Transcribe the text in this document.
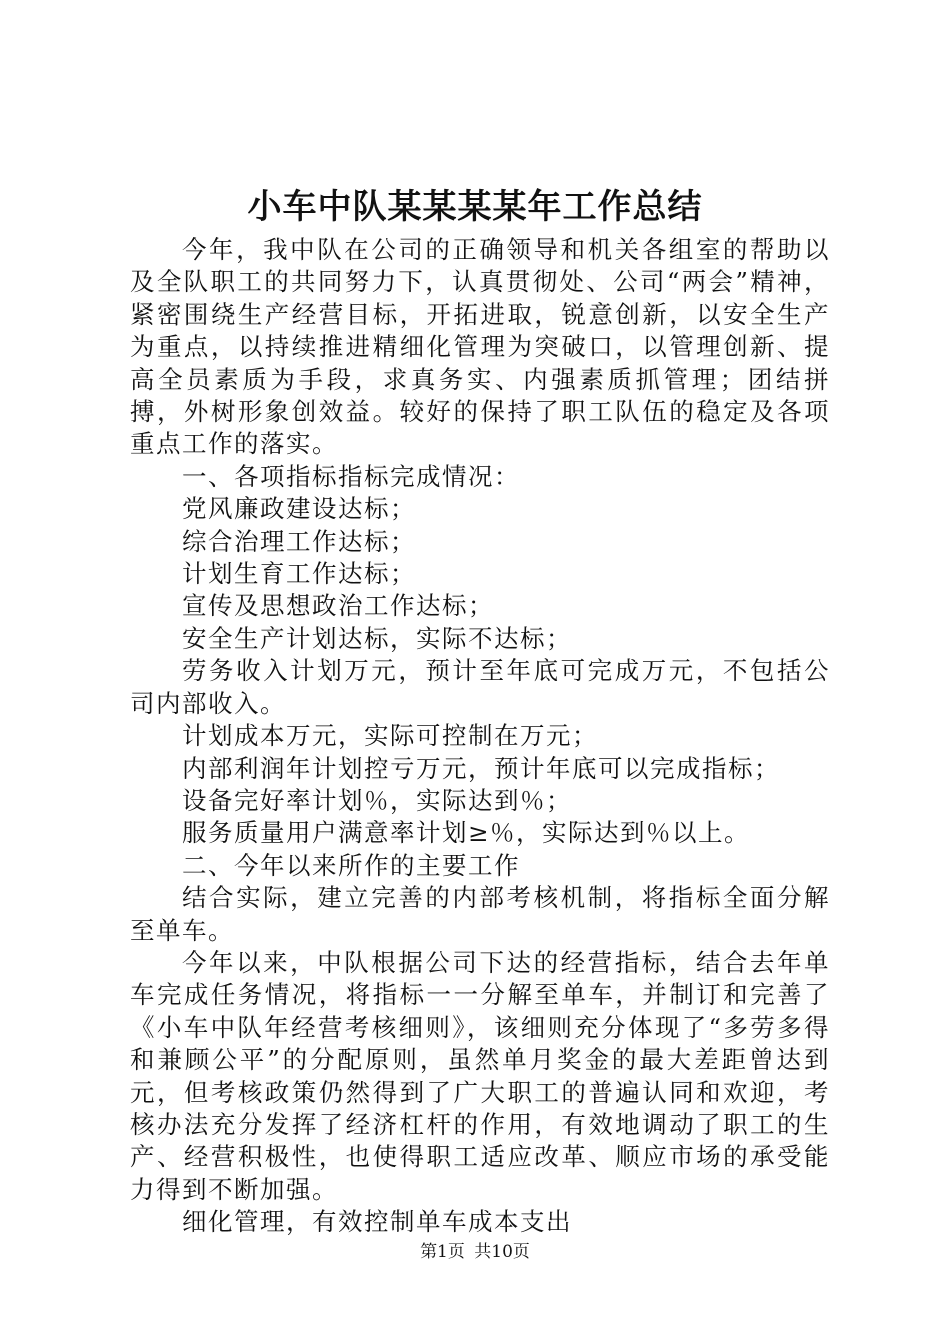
小车中队某某某某年工作总结

今年，我中队在公司的正确领导和机关各组室的帮助以及全队职工的共同努力下，认真贯彻处、公司“两会”精神，紧密围绕生产经营目标，开拓进取，锐意创新，以安全生产为重点，以持续推进精细化管理为突破口，以管理创新、提高全员素质为手段，求真务实、内强素质抓管理；团结拼搏，外树形象创效益。较好的保持了职工队伍的稳定及各项重点工作的落实。

一、各项指标指标完成情况：

党风廉政建设达标；

综合治理工作达标；

计划生育工作达标；

宣传及思想政治工作达标；

安全生产计划达标，实际不达标；

劳务收入计划万元，预计至年底可完成万元，不包括公司内部收入。

计划成本万元，实际可控制在万元；

内部利润年计划控亏万元，预计年底可以完成指标；

设备完好率计划％，实际达到％；

服务质量用户满意率计划≥％，实际达到％以上。

二、今年以来所作的主要工作

结合实际，建立完善的内部考核机制，将指标全面分解至单车。

今年以来，中队根据公司下达的经营指标，结合去年单车完成任务情况，将指标一一分解至单车，并制订和完善了《小车中队年经营考核细则》，该细则充分体现了“多劳多得和兼顾公平”的分配原则，虽然单月奖金的最大差距曾达到元，但考核政策仍然得到了广大职工的普遍认同和欢迎，考核办法充分发挥了经济杠杆的作用，有效地调动了职工的生产、经营积极性，也使得职工适应改革、顺应市场的承受能力得到不断加强。

细化管理，有效控制单车成本支出

第1页 共10页
